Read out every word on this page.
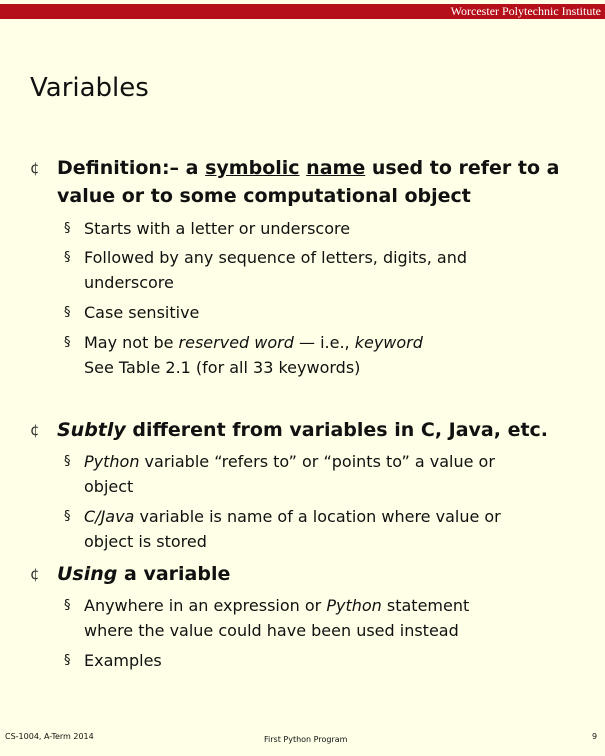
Worcester Polytechnic Institute
Variables
¢ Definition:– a symbolic name used to refer to a
value or to some computational object
§ Starts with a letter or underscore
§ Followed by any sequence of letters, digits, and
underscore
§ Case sensitive
§ May not be reserved word — i.e., keyword
See Table 2.1 (for all 33 keywords)
¢ Subtly different from variables in C, Java, etc.
§ Python variable “refers to” or “points to” a value or
object
§ C/Java variable is name of a location where value or
object is stored
¢ Using a variable
§ Anywhere in an expression or Python statement
where the value could have been used instead
§ Examples
CS-1004, A-Term 2014	First Python Program	9
